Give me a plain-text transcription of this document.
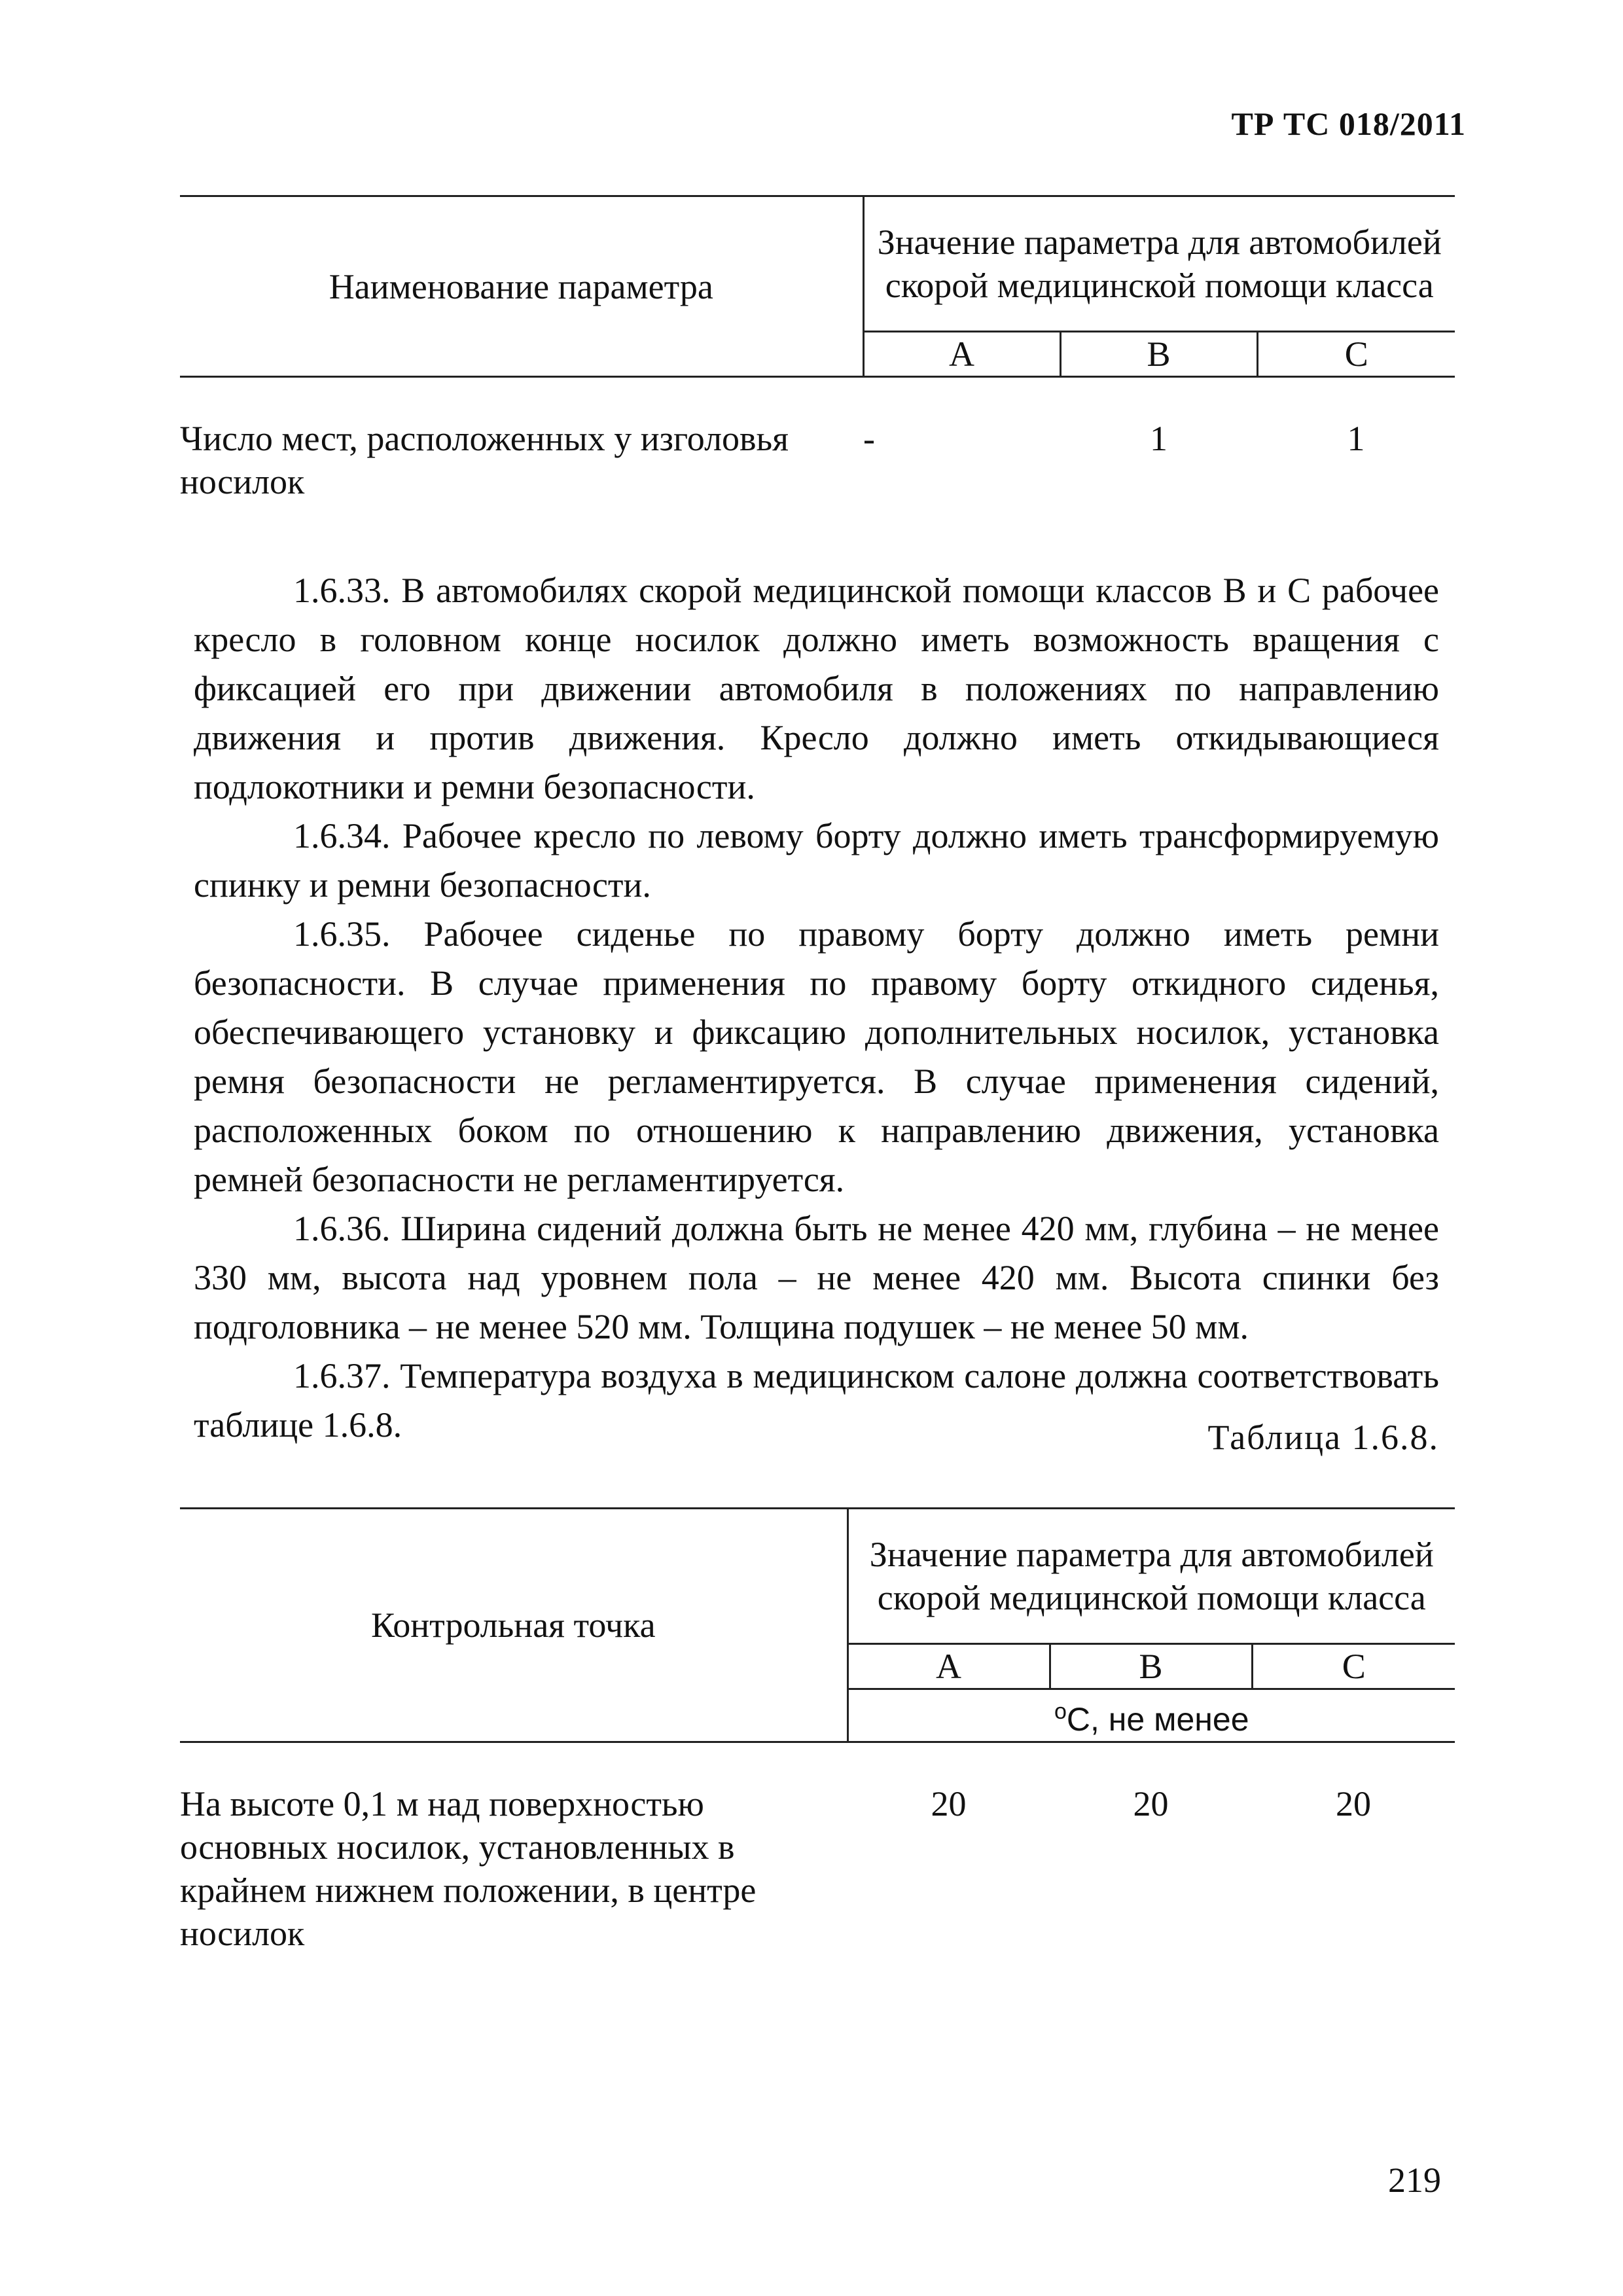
ТР ТС 018/2011
Наименование параметра	Значение параметра для автомобилей скорой медицинской помощи класса		
	A	B	C

Число мест, расположенных у изголовья носилок	-	1	1

1.6.33. В автомобилях скорой медицинской помощи классов В и С рабочее кресло в головном конце носилок должно иметь возможность вращения с фиксацией его при движении автомобиля в положениях по направлению движения и против движения. Кресло должно иметь откидывающиеся подлокотники и ремни безопасности.

1.6.34. Рабочее кресло по левому борту должно иметь трансформируемую спинку и ремни безопасности.

1.6.35. Рабочее сиденье по правому борту должно иметь ремни безопасности. В случае применения по правому борту откидного сиденья, обеспечивающего установку и фиксацию дополнительных носилок, установка ремня безопасности не регламентируется. В случае применения сидений, расположенных боком по отношению к направлению движения, установка ремней безопасности не регламентируется.

1.6.36. Ширина сидений должна быть не менее 420 мм, глубина – не менее 330 мм, высота над уровнем пола – не менее 420 мм. Высота спинки без подголовника – не менее 520 мм. Толщина подушек – не менее 50 мм.

1.6.37. Температура воздуха в медицинском салоне должна соответствовать таблице 1.6.8.	Таблица 1.6.8.
Контрольная точка	Значение параметра для автомобилей скорой медицинской помощи класса		
	A	B	C
	$^o$C, не менее		

На высоте 0,1 м над поверхностью основных носилок, установленных в крайнем нижнем положении, в центре носилок	20	20	20
219
